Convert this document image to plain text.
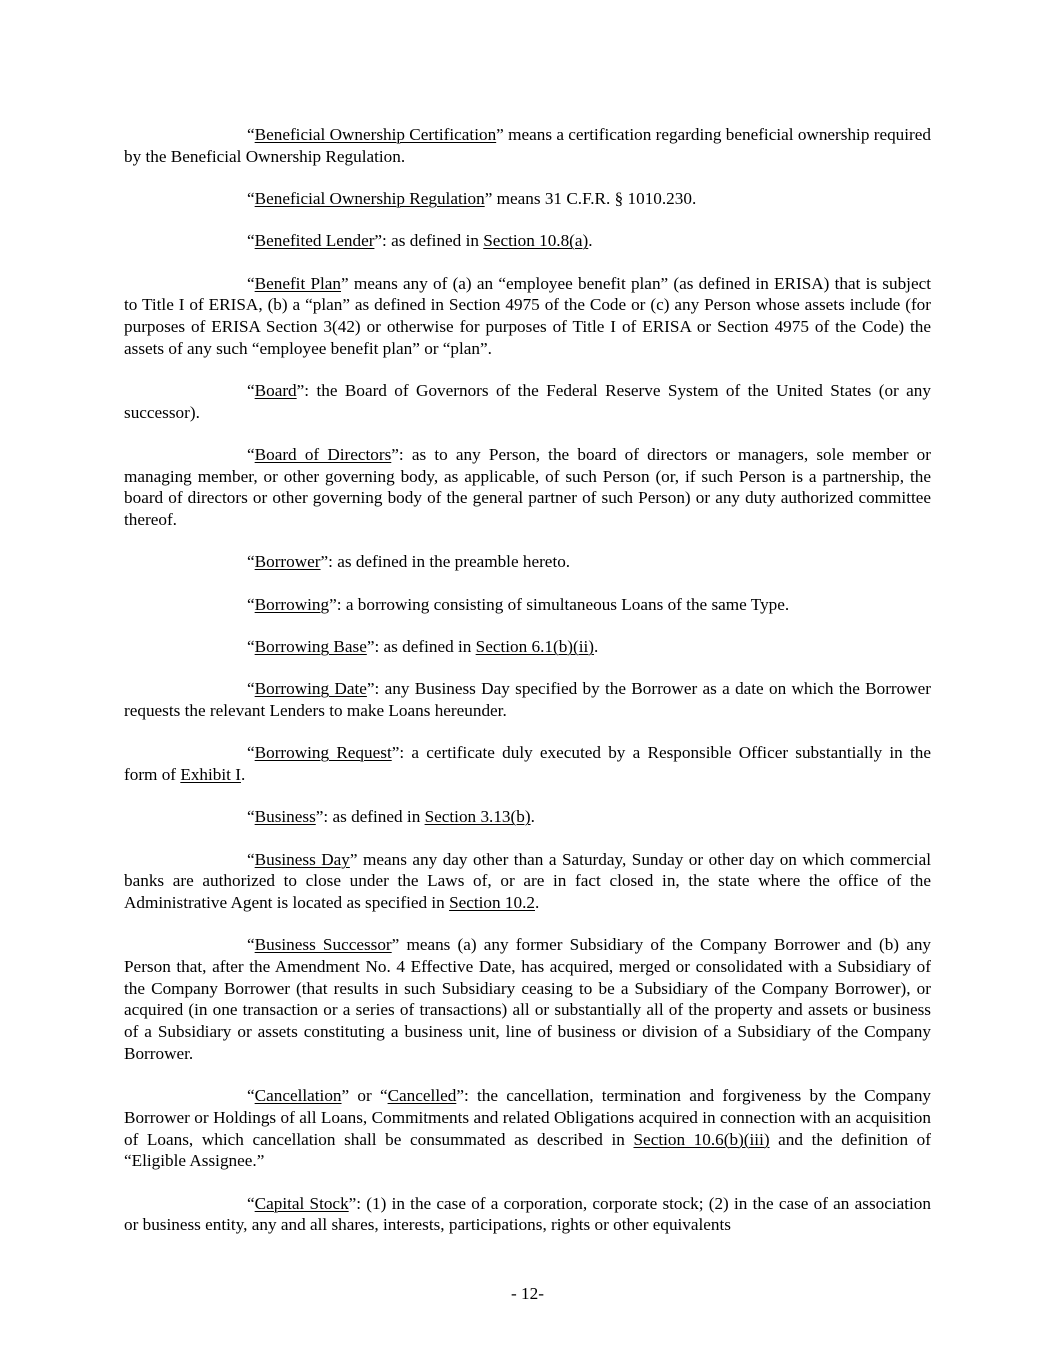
“Beneficial Ownership Certification” means a certification regarding beneficial ownership required by the Beneficial Ownership Regulation.

“Beneficial Ownership Regulation” means 31 C.F.R. § 1010.230.

“Benefited Lender”: as defined in Section 10.8(a).

“Benefit Plan” means any of (a) an “employee benefit plan” (as defined in ERISA) that is subject to Title I of ERISA, (b) a “plan” as defined in Section 4975 of the Code or (c) any Person whose assets include (for purposes of ERISA Section 3(42) or otherwise for purposes of Title I of ERISA or Section 4975 of the Code) the assets of any such “employee benefit plan” or “plan”.

“Board”: the Board of Governors of the Federal Reserve System of the United States (or any successor).

“Board of Directors”: as to any Person, the board of directors or managers, sole member or managing member, or other governing body, as applicable, of such Person (or, if such Person is a partnership, the board of directors or other governing body of the general partner of such Person) or any duty authorized committee thereof.

“Borrower”: as defined in the preamble hereto.

“Borrowing”: a borrowing consisting of simultaneous Loans of the same Type.

“Borrowing Base”: as defined in Section 6.1(b)(ii).

“Borrowing Date”: any Business Day specified by the Borrower as a date on which the Borrower requests the relevant Lenders to make Loans hereunder.

“Borrowing Request”: a certificate duly executed by a Responsible Officer substantially in the form of Exhibit I.

“Business”: as defined in Section 3.13(b).

“Business Day” means any day other than a Saturday, Sunday or other day on which commercial banks are authorized to close under the Laws of, or are in fact closed in, the state where the office of the Administrative Agent is located as specified in Section 10.2.

“Business Successor” means (a) any former Subsidiary of the Company Borrower and (b) any Person that, after the Amendment No. 4 Effective Date, has acquired, merged or consolidated with a Subsidiary of the Company Borrower (that results in such Subsidiary ceasing to be a Subsidiary of the Company Borrower), or acquired (in one transaction or a series of transactions) all or substantially all of the property and assets or business of a Subsidiary or assets constituting a business unit, line of business or division of a Subsidiary of the Company Borrower.

“Cancellation” or “Cancelled”: the cancellation, termination and forgiveness by the Company Borrower or Holdings of all Loans, Commitments and related Obligations acquired in connection with an acquisition of Loans, which cancellation shall be consummated as described in Section 10.6(b)(iii) and the definition of “Eligible Assignee.”

“Capital Stock”: (1) in the case of a corporation, corporate stock; (2) in the case of an association or business entity, any and all shares, interests, participations, rights or other equivalents

- 12-
